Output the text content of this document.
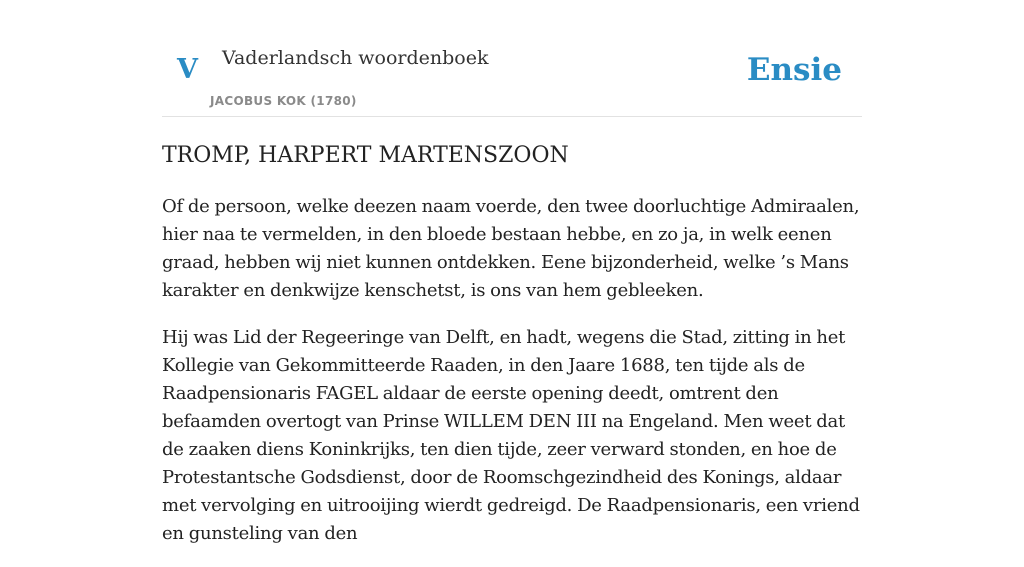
V Vaderlandsch woordenboek
JACOBUS KOK (1780)
Ensie
TROMP, HARPERT MARTENSZOON

Of de persoon, welke deezen naam voerde, den twee doorluchtige Admiraalen, hier naa te vermelden, in den bloede bestaan hebbe, en zo ja, in welk eenen graad, hebben wij niet kunnen ontdekken. Eene bijzonderheid, welke ’s Mans karakter en denkwijze kenschetst, is ons van hem gebleeken.

Hij was Lid der Regeeringe van Delft, en hadt, wegens die Stad, zitting in het Kollegie van Gekommitteerde Raaden, in den Jaare 1688, ten tijde als de Raadpensionaris FAGEL aldaar de eerste opening deedt, omtrent den befaamden overtogt van Prinse WILLEM DEN III na Engeland. Men weet dat de zaaken diens Koninkrijks, ten dien tijde, zeer verward stonden, en hoe de Protestantsche Godsdienst, door de Roomschgezindheid des Konings, aldaar met vervolging en uitrooijing wierdt gedreigd. De Raadpensionaris, een vriend en gunsteling van den
